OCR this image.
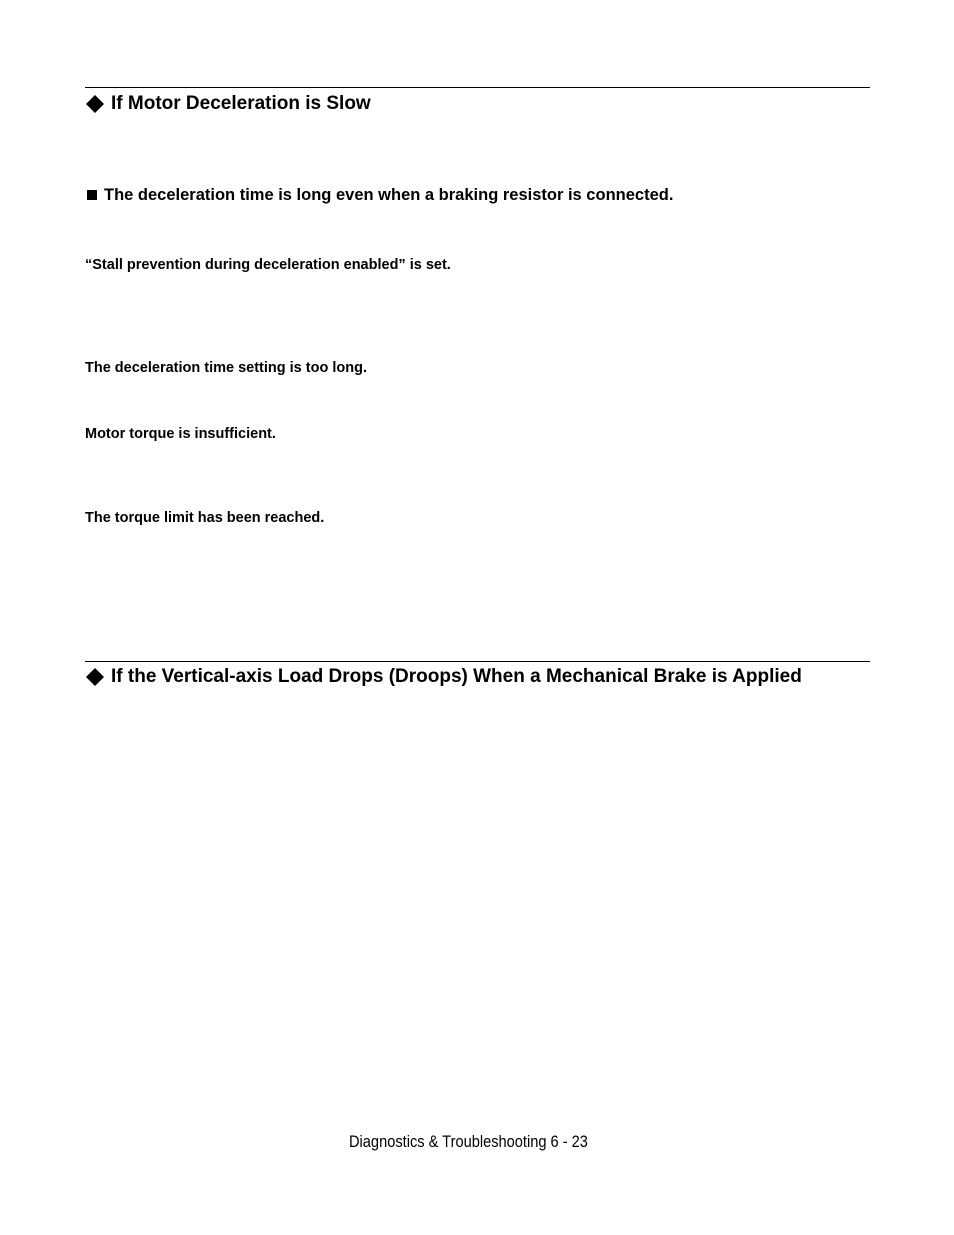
If Motor Deceleration is Slow
The deceleration time is long even when a braking resistor is connected.
“Stall prevention during deceleration enabled” is set.
The deceleration time setting is too long.
Motor torque is insufficient.
The torque limit has been reached.
If the Vertical-axis Load Drops (Droops) When a Mechanical Brake is Applied
Diagnostics & Troubleshooting 6 - 23
